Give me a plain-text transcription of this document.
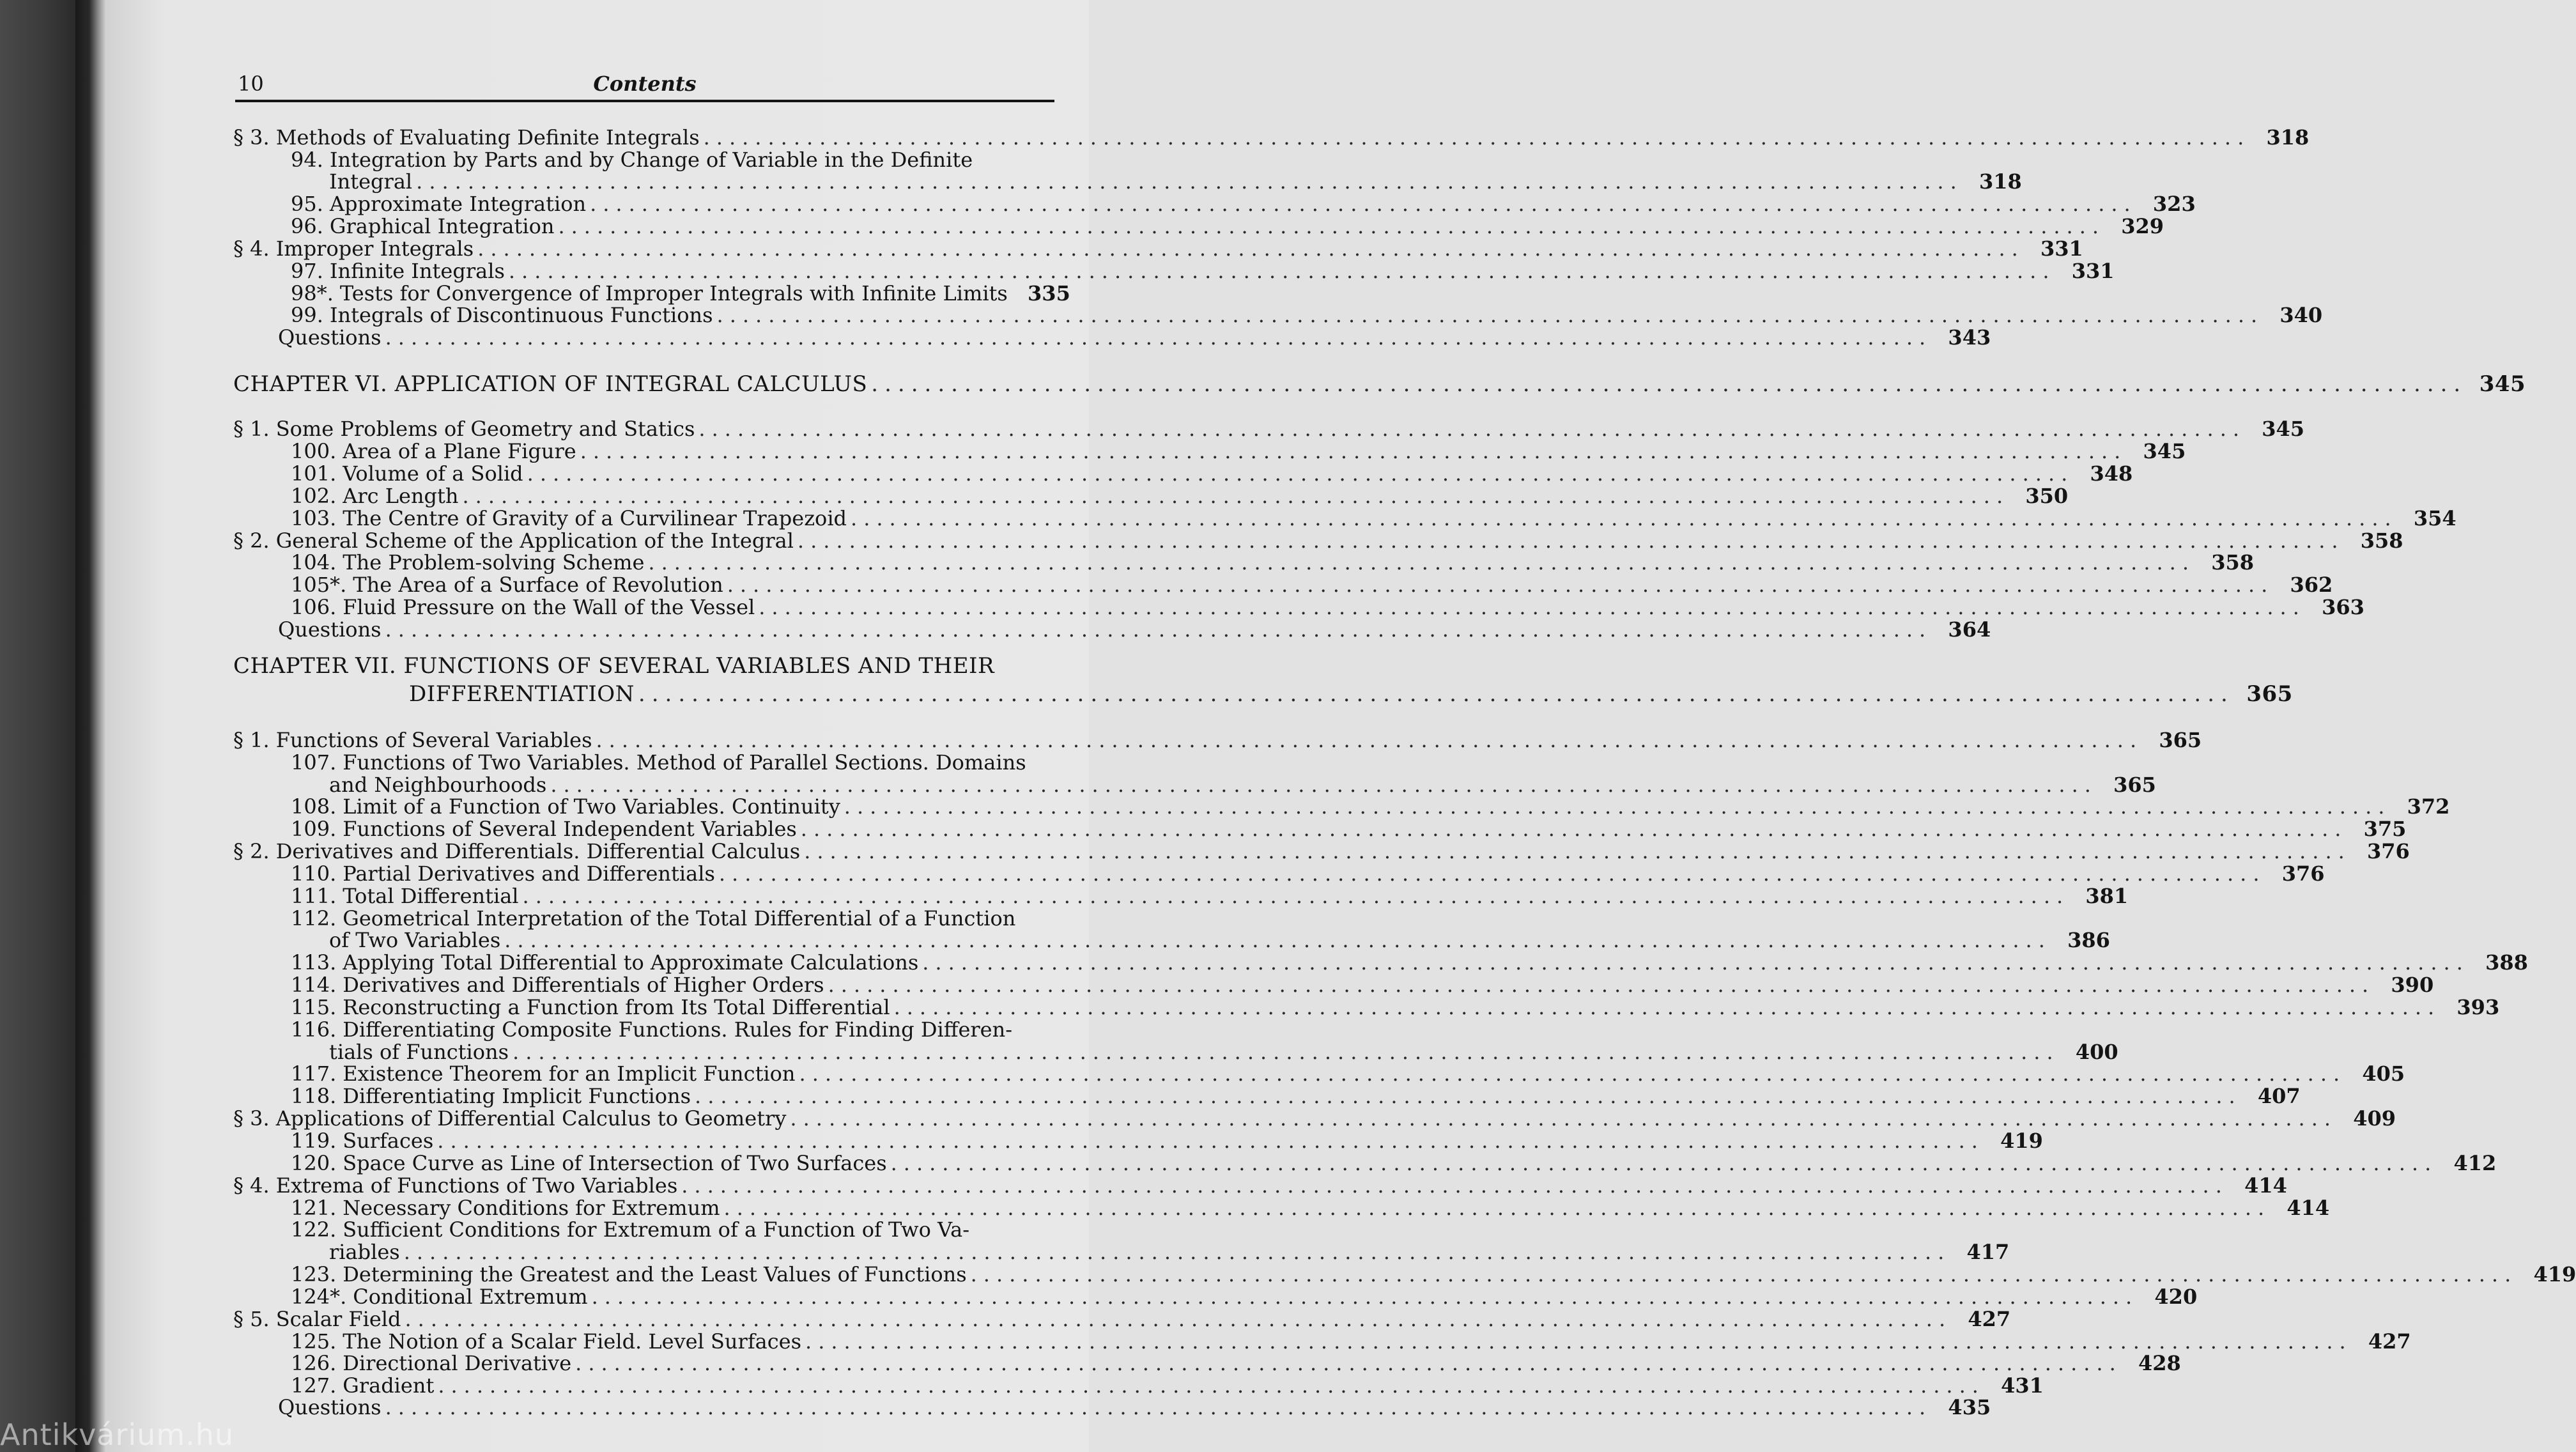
10	Contents
§ 3. Methods of Evaluating Definite Integrals ........................................................................................................................ 318
94. Integration by Parts and by Change of Variable in the Definite
Integral ........................................................................................................................ 318
95. Approximate Integration ........................................................................................................................ 323
96. Graphical Integration ........................................................................................................................ 329
§ 4. Improper Integrals ........................................................................................................................ 331
97. Infinite Integrals ........................................................................................................................ 331
98*. Tests for Convergence of Improper Integrals with Infinite Limits 335
99. Integrals of Discontinuous Functions ........................................................................................................................ 340
Questions ........................................................................................................................ 343
CHAPTER VI. APPLICATION OF INTEGRAL CALCULUS ........................................................................................................................ 345
§ 1. Some Problems of Geometry and Statics ........................................................................................................................ 345
100. Area of a Plane Figure ........................................................................................................................ 345
101. Volume of a Solid ........................................................................................................................ 348
102. Arc Length ........................................................................................................................ 350
103. The Centre of Gravity of a Curvilinear Trapezoid ........................................................................................................................ 354
§ 2. General Scheme of the Application of the Integral ........................................................................................................................ 358
104. The Problem-solving Scheme ........................................................................................................................ 358
105*. The Area of a Surface of Revolution ........................................................................................................................ 362
106. Fluid Pressure on the Wall of the Vessel ........................................................................................................................ 363
Questions ........................................................................................................................ 364
CHAPTER VII. FUNCTIONS OF SEVERAL VARIABLES AND THEIR
DIFFERENTIATION ........................................................................................................................ 365
§ 1. Functions of Several Variables ........................................................................................................................ 365
107. Functions of Two Variables. Method of Parallel Sections. Domains
and Neighbourhoods ........................................................................................................................ 365
108. Limit of a Function of Two Variables. Continuity ........................................................................................................................ 372
109. Functions of Several Independent Variables ........................................................................................................................ 375
§ 2. Derivatives and Differentials. Differential Calculus ........................................................................................................................ 376
110. Partial Derivatives and Differentials ........................................................................................................................ 376
111. Total Differential ........................................................................................................................ 381
112. Geometrical Interpretation of the Total Differential of a Function
of Two Variables ........................................................................................................................ 386
113. Applying Total Differential to Approximate Calculations ........................................................................................................................ 388
114. Derivatives and Differentials of Higher Orders ........................................................................................................................ 390
115. Reconstructing a Function from Its Total Differential ........................................................................................................................ 393
116. Differentiating Composite Functions. Rules for Finding Differen-
tials of Functions ........................................................................................................................ 400
117. Existence Theorem for an Implicit Function ........................................................................................................................ 405
118. Differentiating Implicit Functions ........................................................................................................................ 407
§ 3. Applications of Differential Calculus to Geometry ........................................................................................................................ 409
119. Surfaces ........................................................................................................................ 419
120. Space Curve as Line of Intersection of Two Surfaces ........................................................................................................................ 412
§ 4. Extrema of Functions of Two Variables ........................................................................................................................ 414
121. Necessary Conditions for Extremum ........................................................................................................................ 414
122. Sufficient Conditions for Extremum of a Function of Two Va-
riables ........................................................................................................................ 417
123. Determining the Greatest and the Least Values of Functions ........................................................................................................................ 419
124*. Conditional Extremum ........................................................................................................................ 420
§ 5. Scalar Field ........................................................................................................................ 427
125. The Notion of a Scalar Field. Level Surfaces ........................................................................................................................ 427
126. Directional Derivative ........................................................................................................................ 428
127. Gradient ........................................................................................................................ 431
Questions ........................................................................................................................ 435
Antikvárium.hu
